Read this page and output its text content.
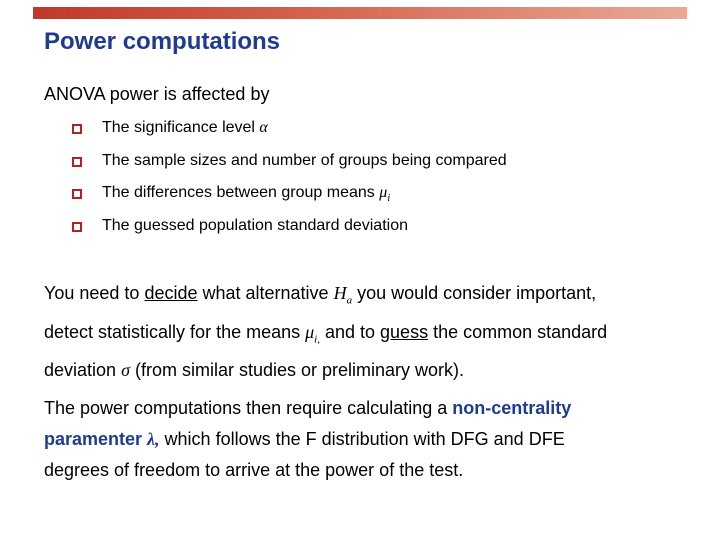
Power computations
ANOVA power is affected by
The significance level α
The sample sizes and number of groups being compared
The differences between group means $\mu_i$
The guessed population standard deviation
You need to decide what alternative $H_a$ you would consider important,
detect statistically for the means $\mu_{i,}$ and to guess the common standard
deviation σ (from similar studies or preliminary work).
The power computations then require calculating a non-centrality
paramenter λ, which follows the F distribution with DFG and DFE
degrees of freedom to arrive at the power of the test.
